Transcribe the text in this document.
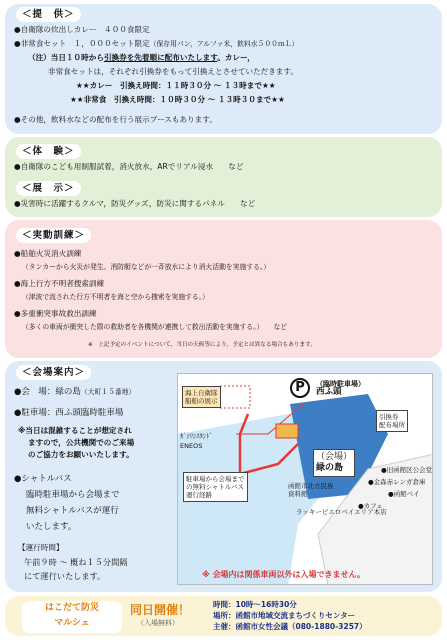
＜提　供＞
●自衛隊の炊出しカレー　４００食限定
●非常食セット　１，０００セット限定（保存用パン，アルファ米，飲料水５００ｍＬ）
（注）当日１０時から引換券を先着順に配布いたします。カレー，
非常食セットは，それぞれ引換券をもって引換えとさせていただきます。
★★カレー　引換え時間：１１時３０分 ～ １３時まで★★
★★非常食　引換え時間：１０時３０分 ～ １３時３０まで★★
●その他，飲料水などの配布を行う展示ブースもあります。
＜体　験＞
●自衛隊のこども用制服試着，消火放水，ARでリアル浸水　　など
＜展　示＞
●災害時に活躍するクルマ，防災グッズ，防災に関するパネル　　など
＜実動訓練＞
●船舶火災消火訓練
（タンカーから火災が発生。消防艇などが一斉放水により消火活動を実施する。）
●海上行方不明者捜索訓練
（津波で流された行方不明者を海と空から捜索を実施する。）
●多重衝突事故救出訓練
（多くの車両が衝突した際の救助者を各機関が連携して救出活動を実施する。）　　など
※　上記予定のイベントについて，当日の天候等により，予定とは異なる場合もあります。
＜会場案内＞
●会　場：緑の島（大町１５番地）
●駐車場：西ふ頭臨時駐車場
※当日は混雑することが想定され
ますので，公共機関でのご来場
のご協力をお願いいたします。
●シャトルバス
臨時駐車場から会場まで
無料シャトルバスが運行
いたします。
【運行時間】
午前９時 ～ 概ね１５分間隔
にて運行いたします。
海上自衛隊
船舶の展示
P	（臨時駐車場）
西ふ頭
引換券
配布場所
（会場）
緑の島
駐車場から会場まで
の無料シャトルバス
運行経路
ｶﾞｼﾘﾝｽﾀﾝﾄﾞ
ENEOS
函館市北方民族
資料館
ラッキーピエロベイエリア本店
●旧函館区公会堂
●金森赤レンガ倉庫
●函館ベイ
●カフェ
※ 会場内は関係車両以外は入場できません。
はこだて防災
マルシェ
同日開催！
（入場無料）
時間：10時～16時30分
場所：函館市地域交流まちづくりセンター
主催：函館市女性会議（080-1880-3257）
